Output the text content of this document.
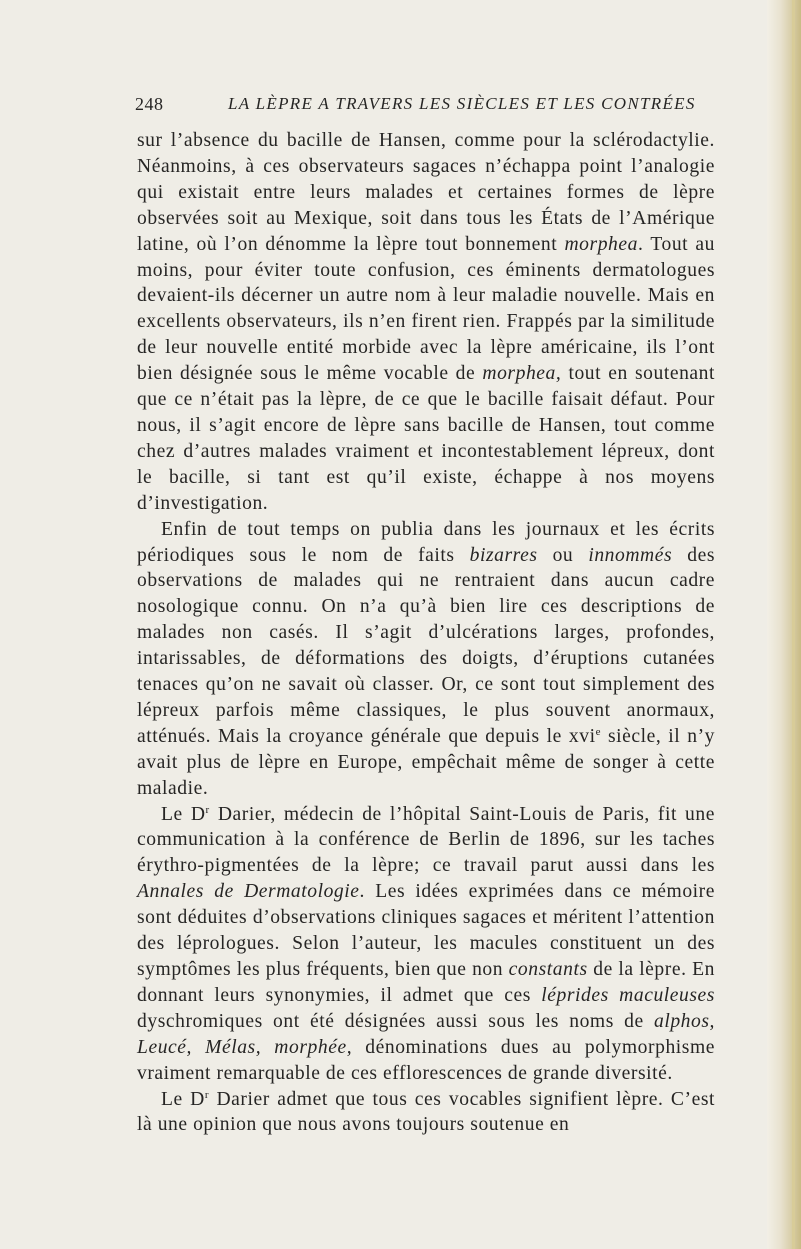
248	LA LÈPRE A TRAVERS LES SIÈCLES ET LES CONTRÉES

sur l’absence du bacille de Hansen, comme pour la sclérodactylie. Néanmoins, à ces observateurs sagaces n’échappa point l’analogie qui existait entre leurs malades et certaines formes de lèpre observées soit au Mexique, soit dans tous les États de l’Amérique latine, où l’on dénomme la lèpre tout bonnement morphea. Tout au moins, pour éviter toute confusion, ces éminents dermatologues devaient-ils décerner un autre nom à leur maladie nouvelle. Mais en excellents observateurs, ils n’en firent rien. Frappés par la similitude de leur nouvelle entité morbide avec la lèpre américaine, ils l’ont bien désignée sous le même vocable de morphea, tout en soutenant que ce n’était pas la lèpre, de ce que le bacille faisait défaut. Pour nous, il s’agit encore de lèpre sans bacille de Hansen, tout comme chez d’autres malades vraiment et incontestablement lépreux, dont le bacille, si tant est qu’il existe, échappe à nos moyens d’investigation.

Enfin de tout temps on publia dans les journaux et les écrits périodiques sous le nom de faits bizarres ou innommés des observations de malades qui ne rentraient dans aucun cadre nosologique connu. On n’a qu’à bien lire ces descriptions de malades non casés. Il s’agit d’ulcérations larges, profondes, intarissables, de déformations des doigts, d’éruptions cutanées tenaces qu’on ne savait où classer. Or, ce sont tout simplement des lépreux parfois même classiques, le plus souvent anormaux, atténués. Mais la croyance générale que depuis le xvi$^e$ siècle, il n’y avait plus de lèpre en Europe, empêchait même de songer à cette maladie.

Le $D^r$ Darier, médecin de l’hôpital Saint-Louis de Paris, fit une communication à la conférence de Berlin de 1896, sur les taches érythro-pigmentées de la lèpre; ce travail parut aussi dans les Annales de Dermatologie. Les idées exprimées dans ce mémoire sont déduites d’observations cliniques sagaces et méritent l’attention des léprologues. Selon l’auteur, les macules constituent un des symptômes les plus fréquents, bien que non constants de la lèpre. En donnant leurs synonymies, il admet que ces léprides maculeuses dyschromiques ont été désignées aussi sous les noms de alphos, Leucé, Mélas, morphée, dénominations dues au polymorphisme vraiment remarquable de ces efflorescences de grande diversité.

Le $D^r$ Darier admet que tous ces vocables signifient lèpre. C’est là une opinion que nous avons toujours soutenue en
